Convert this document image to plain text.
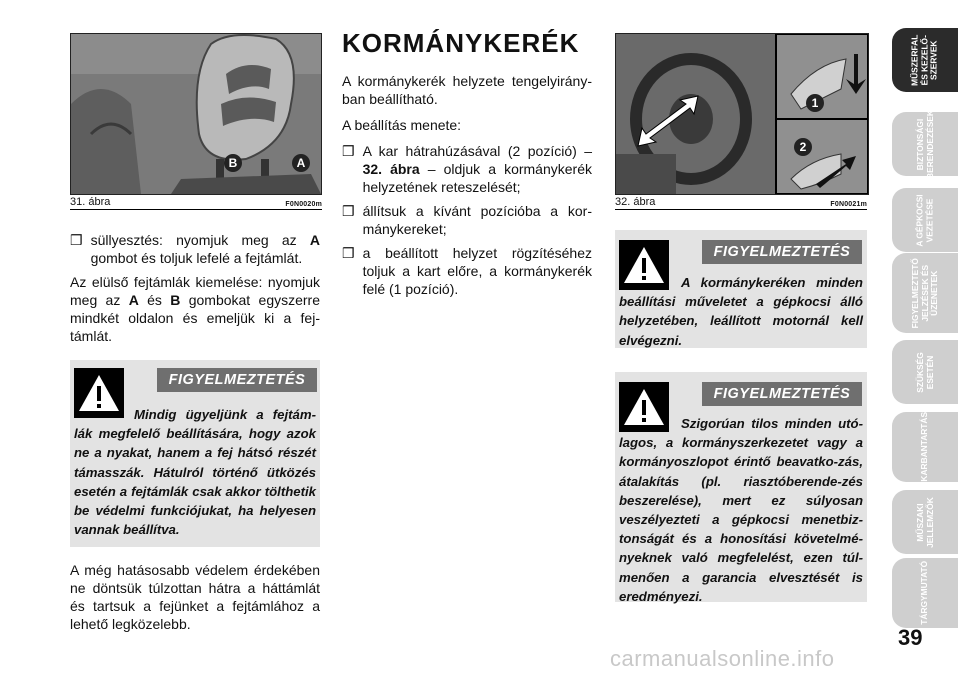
B	A
31. ábra	F0N0020m
❒ süllyesztés: nyomjuk meg az A gombot és toljuk lefelé a fejtámlát.

Az elülső fejtámlák kiemelése: nyomjuk meg az A és B gombokat egyszerre mindkét oldalon és emeljük ki a fej-támlát.

FIGYELMEZTETÉS
Mindig ügyeljünk a fejtám-lák megfelelő beállítására, hogy azok ne a nyakat, hanem a fej hátsó részét támasszák. Hátulról történő ütközés esetén a fejtámlák csak akkor tölthetik be védelmi funkciójukat, ha helyesen vannak beállítva.

A még hatásosabb védelem érdekében ne döntsük túlzottan hátra a háttámlát és tartsuk a fejünket a fejtámlához a lehető legközelebb.

KORMÁNYKERÉK

A kormánykerék helyzete tengelyirány-ban beállítható.

A beállítás menete:

❒ A kar hátrahúzásával (2 pozíció) – 32. ábra – oldjuk a kormánykerék helyzetének reteszelését;
❒ állítsuk a kívánt pozícióba a kor-mánykereket;
❒ a beállított helyzet rögzítéséhez toljuk a kart előre, a kormánykerék felé (1 pozíció).
1
2
32. ábra	F0N0021m
FIGYELMEZTETÉS
A kormánykeréken minden beállítási műveletet a gépkocsi álló helyzetében, leállított motornál kell elvégezni.
FIGYELMEZTETÉS
Szigorúan tilos minden utó-lagos, a kormányszerkezetet vagy a kormányoszlopot érintő beavatko-zás, átalakítás (pl. riasztóberende-zés beszerelése), mert ez súlyosan veszélyezteti a gépkocsi menetbiz-tonságát és a honosítási követelmé-nyeknek való megfelelést, ezen túl-menően a garancia elvesztését is eredményezi.
MŰSZERFAL
ÉS KEZELŐ-
SZERVEK
BIZTONSÁGI
BERENDEZÉSEK
A GÉPKOCSI
VEZETÉSE
FIGYELMEZTETŐ
JELZÉSEK ÉS
ÜZENETEK
SZÜKSÉG
ESETÉN
KARBANTARTÁS
MŰSZAKI
JELLEMZŐK
TÁRGYMUTATÓ
39
carmanualsonline.info
